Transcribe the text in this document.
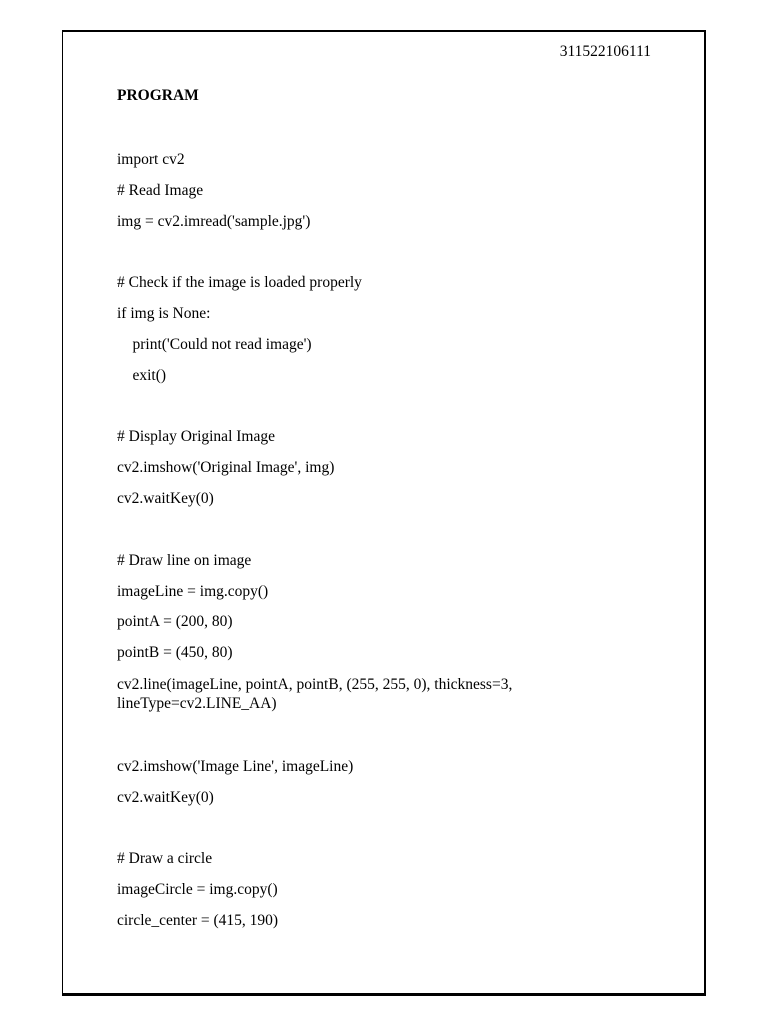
311522106111
PROGRAM
import cv2
# Read Image
img = cv2.imread('sample.jpg')
# Check if the image is loaded properly
if img is None:
print('Could not read image')
exit()
# Display Original Image
cv2.imshow('Original Image', img)
cv2.waitKey(0)
# Draw line on image
imageLine = img.copy()
pointA = (200, 80)
pointB = (450, 80)
cv2.line(imageLine, pointA, pointB, (255, 255, 0), thickness=3,
lineType=cv2.LINE_AA)
cv2.imshow('Image Line', imageLine)
cv2.waitKey(0)
# Draw a circle
imageCircle = img.copy()
circle_center = (415, 190)
